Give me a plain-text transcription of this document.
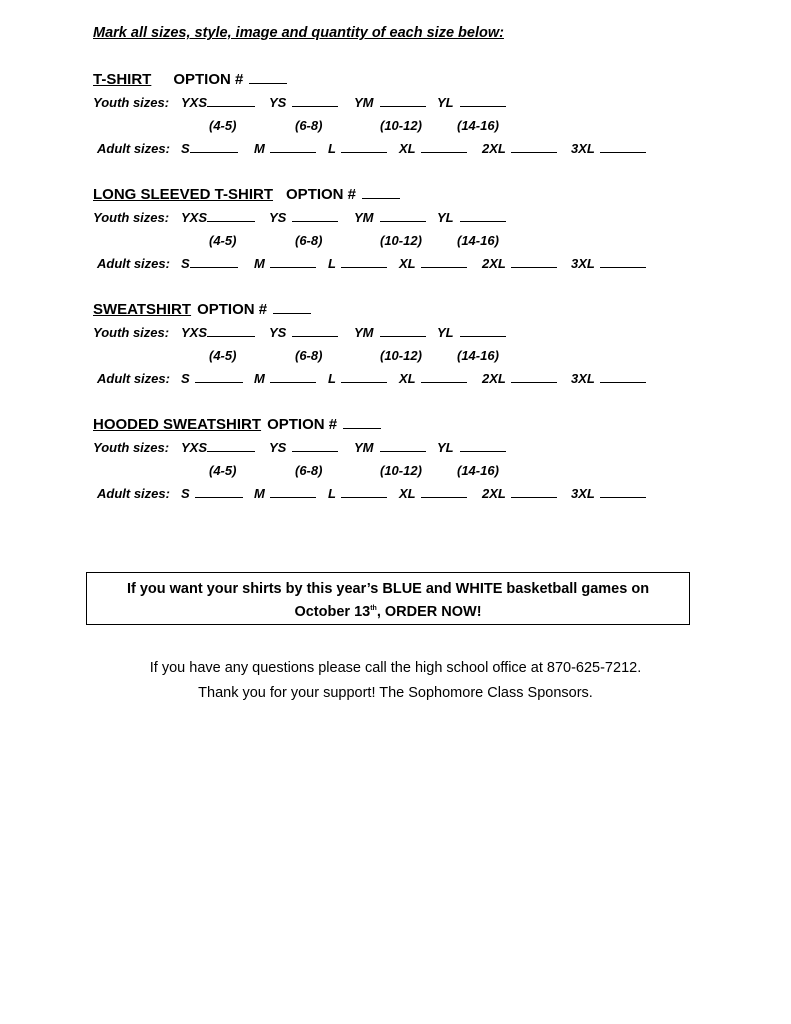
Mark all sizes, style, image and quantity of each size below:
T-SHIRT OPTION #
Youth sizes: YXS	YS	YM	YL
(4-5)	(6-8)	(10-12)	(14-16)
Adult sizes: S	M	L	XL	2XL	3XL
LONG SLEEVED T-SHIRT OPTION #
Youth sizes: YXS	YS	YM	YL
(4-5)	(6-8)	(10-12)	(14-16)
Adult sizes: S	M	L	XL	2XL	3XL
SWEATSHIRT OPTION #
Youth sizes: YXS	YS	YM	YL
(4-5)	(6-8)	(10-12)	(14-16)
Adult sizes: S	M	L	XL	2XL	3XL
HOODED SWEATSHIRT OPTION #
Youth sizes: YXS	YS	YM	YL
(4-5)	(6-8)	(10-12)	(14-16)
Adult sizes: S	M	L	XL	2XL	3XL
If you want your shirts by this year’s BLUE and WHITE basketball games on
October 13th, ORDER NOW!
If you have any questions please call the high school office at 870-625-7212.
Thank you for your support! The Sophomore Class Sponsors.
